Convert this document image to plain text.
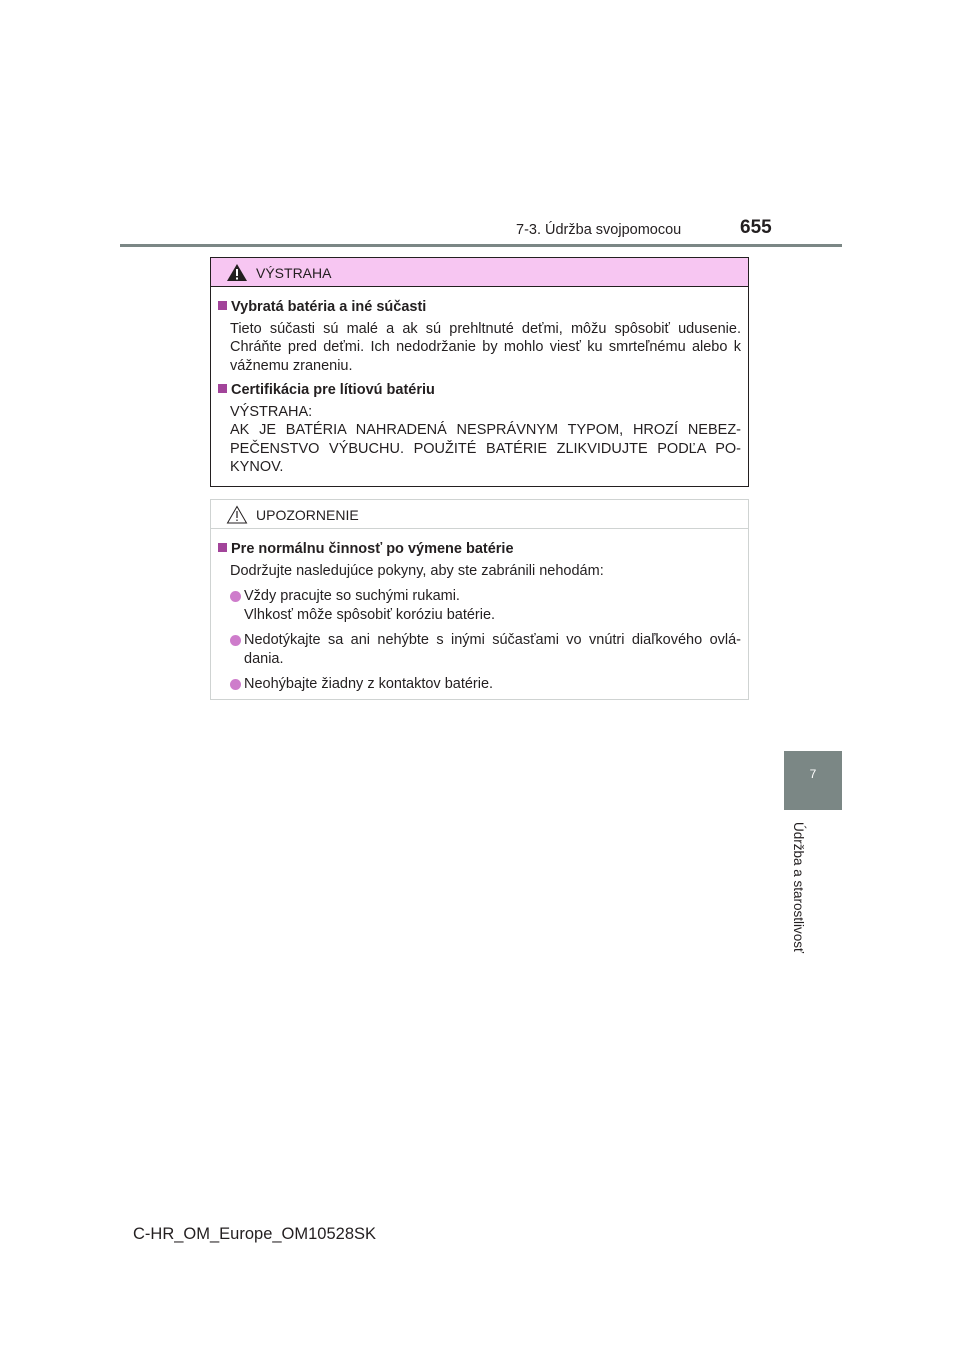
7-3. Údržba svojpomocou	655
7
Údržba a starostlivosť
VÝSTRAHA
Vybratá batéria a iné súčasti

Tieto súčasti sú malé a ak sú prehltnuté deťmi, môžu spôsobiť udusenie. Chráňte pred deťmi. Ich nedodržanie by mohlo viesť ku smrteľnému alebo k vážnemu zraneniu.

Certifikácia pre lítiovú batériu

VÝSTRAHA:

AK JE BATÉRIA NAHRADENÁ NESPRÁVNYM TYPOM, HROZÍ NEBEZ-PEČENSTVO VÝBUCHU. POUŽITÉ BATÉRIE ZLIKVIDUJTE PODĽA PO-KYNOV.

UPOZORNENIE
Pre normálnu činnosť po výmene batérie

Dodržujte nasledujúce pokyny, aby ste zabránili nehodám:

Vždy pracujte so suchými rukami.
Vlhkosť môže spôsobiť koróziu batérie.
Nedotýkajte sa ani nehýbte s inými súčasťami vo vnútri diaľkového ovlá-dania.
Neohýbajte žiadny z kontaktov batérie.
C-HR_OM_Europe_OM10528SK
